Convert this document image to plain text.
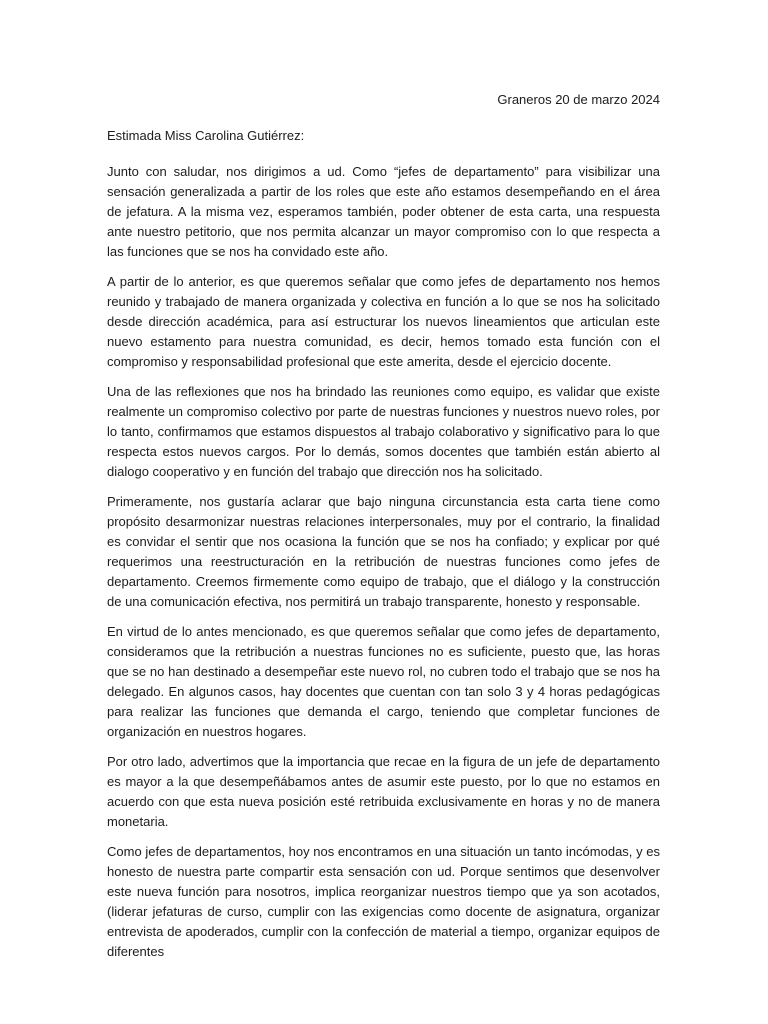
Graneros 20 de marzo 2024

Estimada Miss Carolina Gutiérrez:

Junto con saludar, nos dirigimos a ud. Como “jefes de departamento” para visibilizar una sensación generalizada a partir de los roles que este año estamos desempeñando en el área de jefatura. A la misma vez, esperamos también, poder obtener de esta carta, una respuesta ante nuestro petitorio, que nos permita alcanzar un mayor compromiso con lo que respecta a las funciones que se nos ha convidado este año.

A partir de lo anterior, es que queremos señalar que como jefes de departamento nos hemos reunido y trabajado de manera organizada y colectiva en función a lo que se nos ha solicitado desde dirección académica, para así estructurar los nuevos lineamientos que articulan este nuevo estamento para nuestra comunidad, es decir, hemos tomado esta función con el compromiso y responsabilidad profesional que este amerita, desde el ejercicio docente.

Una de las reflexiones que nos ha brindado las reuniones como equipo, es validar que existe realmente un compromiso colectivo por parte de nuestras funciones y nuestros nuevo roles, por lo tanto, confirmamos que estamos dispuestos al trabajo colaborativo y significativo para lo que respecta estos nuevos cargos. Por lo demás, somos docentes que también están abierto al dialogo cooperativo y en función del trabajo que dirección nos ha solicitado.

Primeramente, nos gustaría aclarar que bajo ninguna circunstancia esta carta tiene como propósito desarmonizar nuestras relaciones interpersonales, muy por el contrario, la finalidad es convidar el sentir que nos ocasiona la función que se nos ha confiado; y explicar por qué requerimos una reestructuración en la retribución de nuestras funciones como jefes de departamento. Creemos firmemente como equipo de trabajo, que el diálogo y la construcción de una comunicación efectiva, nos permitirá un trabajo transparente, honesto y responsable.

En virtud de lo antes mencionado, es que queremos señalar que como jefes de departamento, consideramos que la retribución a nuestras funciones no es suficiente, puesto que, las horas que se no han destinado a desempeñar este nuevo rol, no cubren todo el trabajo que se nos ha delegado. En algunos casos, hay docentes que cuentan con tan solo 3 y 4 horas pedagógicas para realizar las funciones que demanda el cargo, teniendo que completar funciones de organización en nuestros hogares.

Por otro lado, advertimos que la importancia que recae en la figura de un jefe de departamento es mayor a la que desempeñábamos antes de asumir este puesto, por lo que no estamos en acuerdo con que esta nueva posición esté retribuida exclusivamente en horas y no de manera monetaria.

Como jefes de departamentos, hoy nos encontramos en una situación un tanto incómodas, y es honesto de nuestra parte compartir esta sensación con ud. Porque sentimos que desenvolver este nueva función para nosotros, implica reorganizar nuestros tiempo que ya son acotados, (liderar jefaturas de curso, cumplir con las exigencias como docente de asignatura, organizar entrevista de apoderados, cumplir con la confección de material a tiempo, organizar equipos de diferentes
